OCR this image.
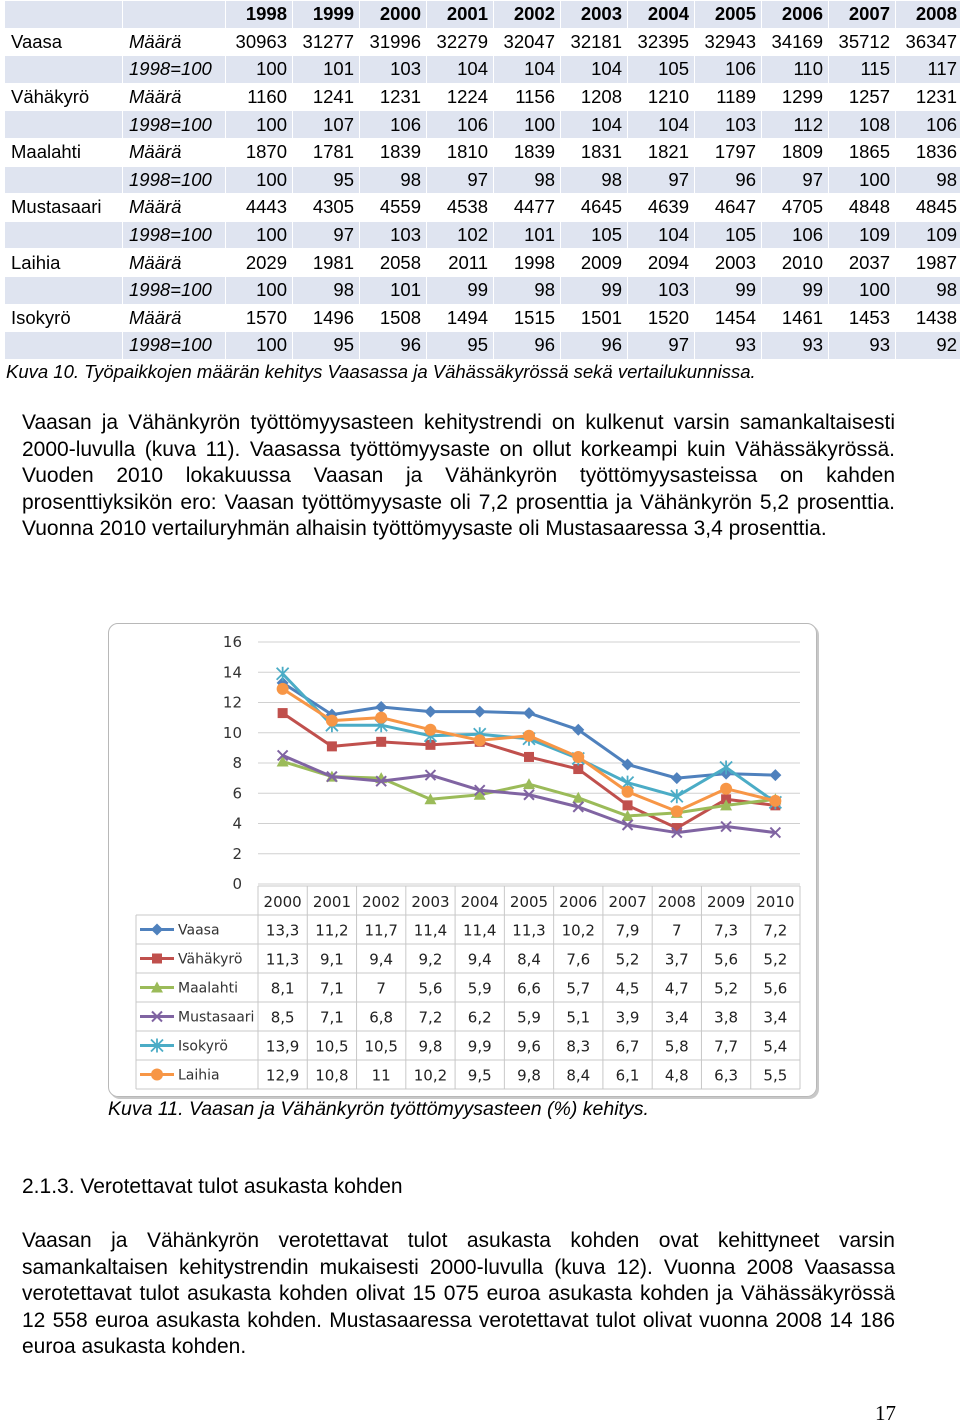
		1998	1999	2000	2001	2002	2003	2004	2005	2006	2007	2008
Vaasa	Määrä	30963	31277	31996	32279	32047	32181	32395	32943	34169	35712	36347
	1998=100	100	101	103	104	104	104	105	106	110	115	117
Vähäkyrö	Määrä	1160	1241	1231	1224	1156	1208	1210	1189	1299	1257	1231
	1998=100	100	107	106	106	100	104	104	103	112	108	106
Maalahti	Määrä	1870	1781	1839	1810	1839	1831	1821	1797	1809	1865	1836
	1998=100	100	95	98	97	98	98	97	96	97	100	98
Mustasaari	Määrä	4443	4305	4559	4538	4477	4645	4639	4647	4705	4848	4845
	1998=100	100	97	103	102	101	105	104	105	106	109	109
Laihia	Määrä	2029	1981	2058	2011	1998	2009	2094	2003	2010	2037	1987
	1998=100	100	98	101	99	98	99	103	99	99	100	98
Isokyrö	Määrä	1570	1496	1508	1494	1515	1501	1520	1454	1461	1453	1438
	1998=100	100	95	96	95	96	96	97	93	93	93	92
Kuva 10. Työpaikkojen määrän kehitys Vaasassa ja Vähässäkyrössä sekä vertailukunnissa.

Vaasan ja Vähänkyrön työttömyysasteen kehitystrendi on kulkenut varsin samankaltaisesti 2000-luvulla (kuva 11). Vaasassa työttömyysaste on ollut korkeampi kuin Vähässäkyrössä. Vuoden 2010 lokakuussa Vaasan ja Vähänkyrön työttömyysasteissa on kahden prosenttiyksikön ero: Vaasan työttömyysaste oli 7,2 prosenttia ja Vähänkyrön 5,2 prosenttia. Vuonna 2010 vertailuryhmän alhaisin työttömyysaste oli Mustasaaressa 3,4 prosenttia.

0
2
4
6
8
10
12
14
16
2000 2001 2002 2003 2004 2005 2006 2007 2008 2009 2010
Vaasa	13,3 11,2 11,7 11,4 11,4 11,3 10,2 7,9 7 7,3 7,2
Vähäkyrö 11,3 9,1 9,4 9,2 9,4 8,4 7,6 5,2 3,7 5,6 5,2
Maalahti 8,1 7,1 7 5,6 5,9 6,6 5,7 4,5 4,7 5,2 5,6
Mustasaari 8,5 7,1 6,8 7,2 6,2 5,9 5,1 3,9 3,4 3,8 3,4
Isokyrö	13,9 10,5 10,5 9,8 9,9 9,6 8,3 6,7 5,8 7,7 5,4
Laihia	12,9 10,8 11 10,2 9,5 9,8 8,4 6,1 4,8 6,3 5,5
Kuva 11. Vaasan ja Vähänkyrön työttömyysasteen (%) kehitys.
2.1.3. Verotettavat tulot asukasta kohden

Vaasan ja Vähänkyrön verotettavat tulot asukasta kohden ovat kehittyneet varsin samankaltaisen kehitystrendin mukaisesti 2000-luvulla (kuva 12). Vuonna 2008 Vaasassa verotettavat tulot asukasta kohden olivat 15 075 euroa asukasta kohden ja Vähässäkyrössä 12 558 euroa asukasta kohden. Mustasaaressa verotettavat tulot olivat vuonna 2008 14 186 euroa asukasta kohden.

17
